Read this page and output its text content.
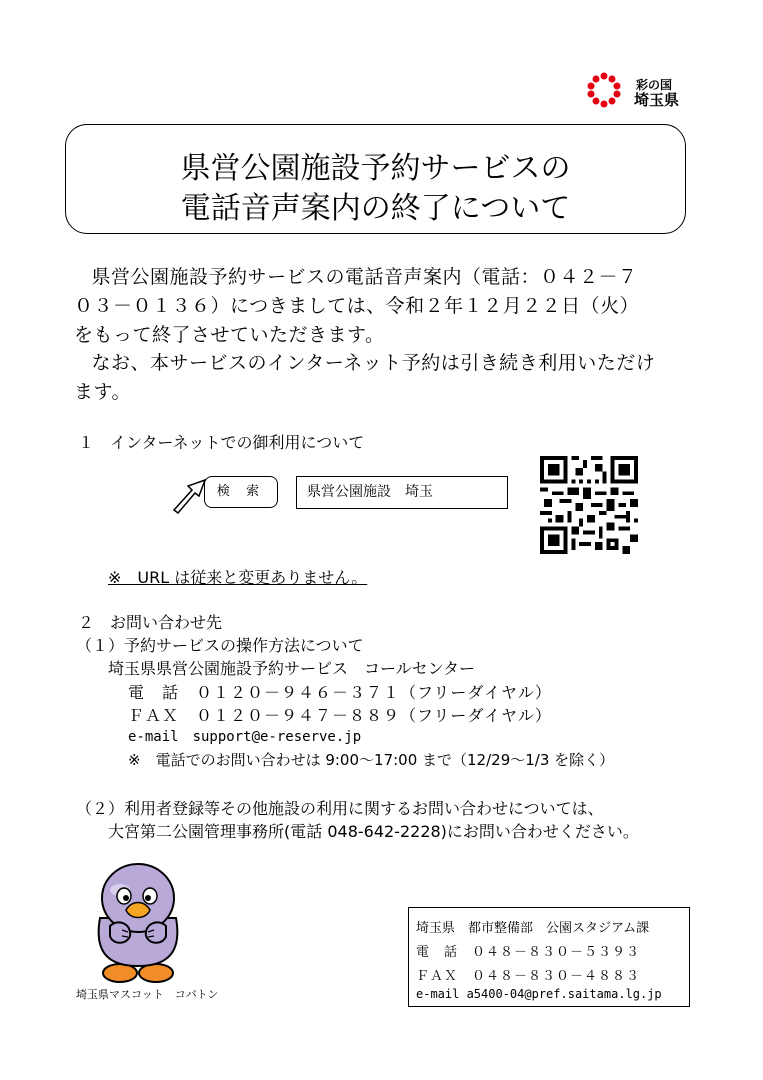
彩の国
埼玉県
県営公園施設予約サービスの
電話音声案内の終了について
　県営公園施設予約サービスの電話音声案内（電話：０４２－７
０３－０１３６）につきましては、令和２年１２月２２日（火）
をもって終了させていただきます。
　なお、本サービスのインターネット予約は引き続き利用いただけ
ます。
１　インターネットでの御利用について
検 索	県営公園施設　埼玉
※　URL は従来と変更ありません。
２　お問い合わせ先
（１）予約サービスの操作方法について
埼玉県県営公園施設予約サービス　コールセンター
電　話　０１２０－９４６－３７１（フリーダイヤル）
ＦＡＸ　０１２０－９４７－８８９（フリーダイヤル）
e-mail　support@e-reserve.jp
※　電話でのお問い合わせは 9:00～17:00 まで（12/29～1/3 を除く）
（２）利用者登録等その他施設の利用に関するお問い合わせについては、
大宮第二公園管理事務所(電話 048-642-2228)にお問い合わせください。
埼玉県マスコット　コバトン
埼玉県　都市整備部　公園スタジアム課
電　話　０４８－８３０－５３９３
ＦＡＸ　０４８－８３０－４８８３
e-mail a5400-04@pref.saitama.lg.jp
